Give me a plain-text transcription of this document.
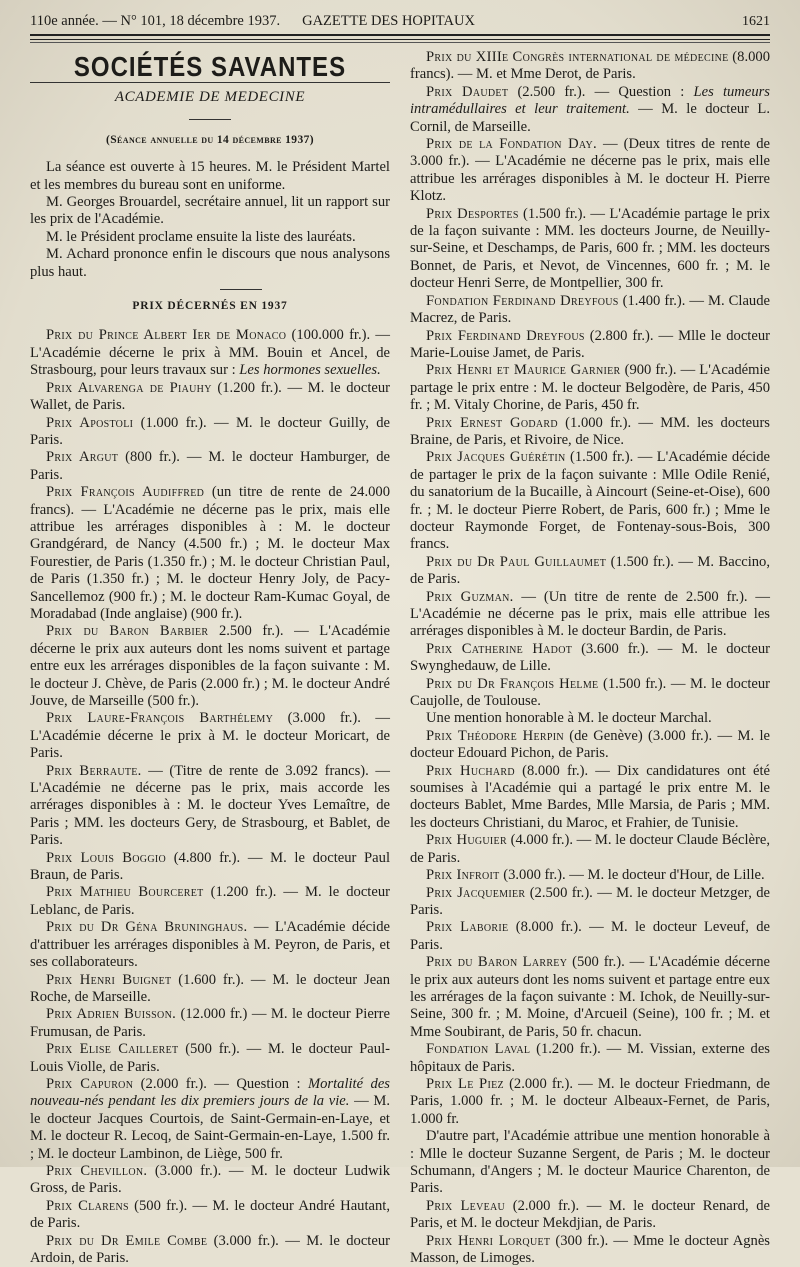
110e année. — N° 101, 18 décembre 1937. GAZETTE DES HOPITAUX	1621
SOCIÉTÉS SAVANTES
ACADEMIE DE MEDECINE
(Séance annuelle du 14 décembre 1937)

La séance est ouverte à 15 heures. M. le Président Martel et les membres du bureau sont en uniforme.

M. Georges Brouardel, secrétaire annuel, lit un rapport sur les prix de l'Académie.

M. le Président proclame ensuite la liste des lauréats.

M. Achard prononce enfin le discours que nous analysons plus haut.

PRIX DÉCERNÉS EN 1937

Prix du Prince Albert Ier de Monaco (100.000 fr.). — L'Académie décerne le prix à MM. Bouin et Ancel, de Strasbourg, pour leurs travaux sur : Les hormones sexuelles.

Prix Alvarenga de Piauhy (1.200 fr.). — M. le docteur Wallet, de Paris.

Prix Apostoli (1.000 fr.). — M. le docteur Guilly, de Paris.

Prix Argut (800 fr.). — M. le docteur Hamburger, de Paris.

Prix François Audiffred (un titre de rente de 24.000 francs). — L'Académie ne décerne pas le prix, mais elle attribue les arrérages disponibles à : M. le docteur Grandgérard, de Nancy (4.500 fr.) ; M. le docteur Max Fourestier, de Paris (1.350 fr.) ; M. le docteur Christian Paul, de Paris (1.350 fr.) ; M. le docteur Henry Joly, de Pacy-Sancellemoz (900 fr.) ; M. le docteur Ram-Kumac Goyal, de Moradabad (Inde anglaise) (900 fr.).

Prix du Baron Barbier 2.500 fr.). — L'Académie décerne le prix aux auteurs dont les noms suivent et partage entre eux les arrérages disponibles de la façon suivante : M. le docteur J. Chève, de Paris (2.000 fr.) ; M. le docteur André Jouve, de Marseille (500 fr.).

Prix Laure-François Barthélemy (3.000 fr.). — L'Académie décerne le prix à M. le docteur Moricart, de Paris.

Prix Berraute. — (Titre de rente de 3.092 francs). — L'Académie ne décerne pas le prix, mais accorde les arrérages disponibles à : M. le docteur Yves Lemaître, de Paris ; MM. les docteurs Gery, de Strasbourg, et Bablet, de Paris.

Prix Louis Boggio (4.800 fr.). — M. le docteur Paul Braun, de Paris.

Prix Mathieu Bourceret (1.200 fr.). — M. le docteur Leblanc, de Paris.

Prix du Dr Géna Bruninghaus. — L'Académie décide d'attribuer les arrérages disponibles à M. Peyron, de Paris, et ses collaborateurs.

Prix Henri Buignet (1.600 fr.). — M. le docteur Jean Roche, de Marseille.

Prix Adrien Buisson. (12.000 fr.) — M. le docteur Pierre Frumusan, de Paris.

Prix Elise Cailleret (500 fr.). — M. le docteur Paul-Louis Violle, de Paris.

Prix Capuron (2.000 fr.). — Question : Mortalité des nouveau-nés pendant les dix premiers jours de la vie. — M. le docteur Jacques Courtois, de Saint-Germain-en-Laye, et M. le docteur R. Lecoq, de Saint-Germain-en-Laye, 1.500 fr. ; M. le docteur Lambinon, de Liège, 500 fr.

Prix Chevillon. (3.000 fr.). — M. le docteur Ludwik Gross, de Paris.

Prix Clarens (500 fr.). — M. le docteur André Hautant, de Paris.

Prix du Dr Emile Combe (3.000 fr.). — M. le docteur Ardoin, de Paris.

Prix du XIIIe Congrès international de médecine (8.000 francs). — M. et Mme Derot, de Paris.

Prix Daudet (2.500 fr.). — Question : Les tumeurs intramédullaires et leur traitement. — M. le docteur L. Cornil, de Marseille.

Prix de la Fondation Day. — (Deux titres de rente de 3.000 fr.). — L'Académie ne décerne pas le prix, mais elle attribue les arrérages disponibles à M. le docteur H. Pierre Klotz.

Prix Desportes (1.500 fr.). — L'Académie partage le prix de la façon suivante : MM. les docteurs Journe, de Neuilly-sur-Seine, et Deschamps, de Paris, 600 fr. ; MM. les docteurs Bonnet, de Paris, et Nevot, de Vincennes, 600 fr. ; M. le docteur Henri Serre, de Montpellier, 300 fr.

Fondation Ferdinand Dreyfous (1.400 fr.). — M. Claude Macrez, de Paris.

Prix Ferdinand Dreyfous (2.800 fr.). — Mlle le docteur Marie-Louise Jamet, de Paris.

Prix Henri et Maurice Garnier (900 fr.). — L'Académie partage le prix entre : M. le docteur Belgodère, de Paris, 450 fr. ; M. Vitaly Chorine, de Paris, 450 fr.

Prix Ernest Godard (1.000 fr.). — MM. les docteurs Braine, de Paris, et Rivoire, de Nice.

Prix Jacques Guérétin (1.500 fr.). — L'Académie décide de partager le prix de la façon suivante : Mlle Odile Renié, du sanatorium de la Bucaille, à Aincourt (Seine-et-Oise), 600 fr. ; M. le docteur Pierre Robert, de Paris, 600 fr.) ; Mme le docteur Raymonde Forget, de Fontenay-sous-Bois, 300 francs.

Prix du Dr Paul Guillaumet (1.500 fr.). — M. Baccino, de Paris.

Prix Guzman. — (Un titre de rente de 2.500 fr.). — L'Académie ne décerne pas le prix, mais elle attribue les arrérages disponibles à M. le docteur Bardin, de Paris.

Prix Catherine Hadot (3.600 fr.). — M. le docteur Swynghedauw, de Lille.

Prix du Dr François Helme (1.500 fr.). — M. le docteur Caujolle, de Toulouse.

Une mention honorable à M. le docteur Marchal.

Prix Théodore Herpin (de Genève) (3.000 fr.). — M. le docteur Edouard Pichon, de Paris.

Prix Huchard (8.000 fr.). — Dix candidatures ont été soumises à l'Académie qui a partagé le prix entre M. le docteurs Bablet, Mme Bardes, Mlle Marsia, de Paris ; MM. les docteurs Christiani, du Maroc, et Frahier, de Tunisie.

Prix Huguier (4.000 fr.). — M. le docteur Claude Béclère, de Paris.

Prix Infroit (3.000 fr.). — M. le docteur d'Hour, de Lille.

Prix Jacquemier (2.500 fr.). — M. le docteur Metzger, de Paris.

Prix Laborie (8.000 fr.). — M. le docteur Leveuf, de Paris.

Prix du Baron Larrey (500 fr.). — L'Académie décerne le prix aux auteurs dont les noms suivent et partage entre eux les arrérages de la façon suivante : M. Ichok, de Neuilly-sur-Seine, 300 fr. ; M. Moine, d'Arcueil (Seine), 100 fr. ; M. et Mme Soubirant, de Paris, 50 fr. chacun.

Fondation Laval (1.200 fr.). — M. Vissian, externe des hôpitaux de Paris.

Prix Le Piez (2.000 fr.). — M. le docteur Friedmann, de Paris, 1.000 fr. ; M. le docteur Albeaux-Fernet, de Paris, 1.000 fr.

D'autre part, l'Académie attribue une mention honorable à : Mlle le docteur Suzanne Sergent, de Paris ; M. le docteur Schumann, d'Angers ; M. le docteur Maurice Charenton, de Paris.

Prix Leveau (2.000 fr.). — M. le docteur Renard, de Paris, et M. le docteur Mekdjian, de Paris.

Prix Henri Lorquet (300 fr.). — Mme le docteur Agnès Masson, de Limoges.
